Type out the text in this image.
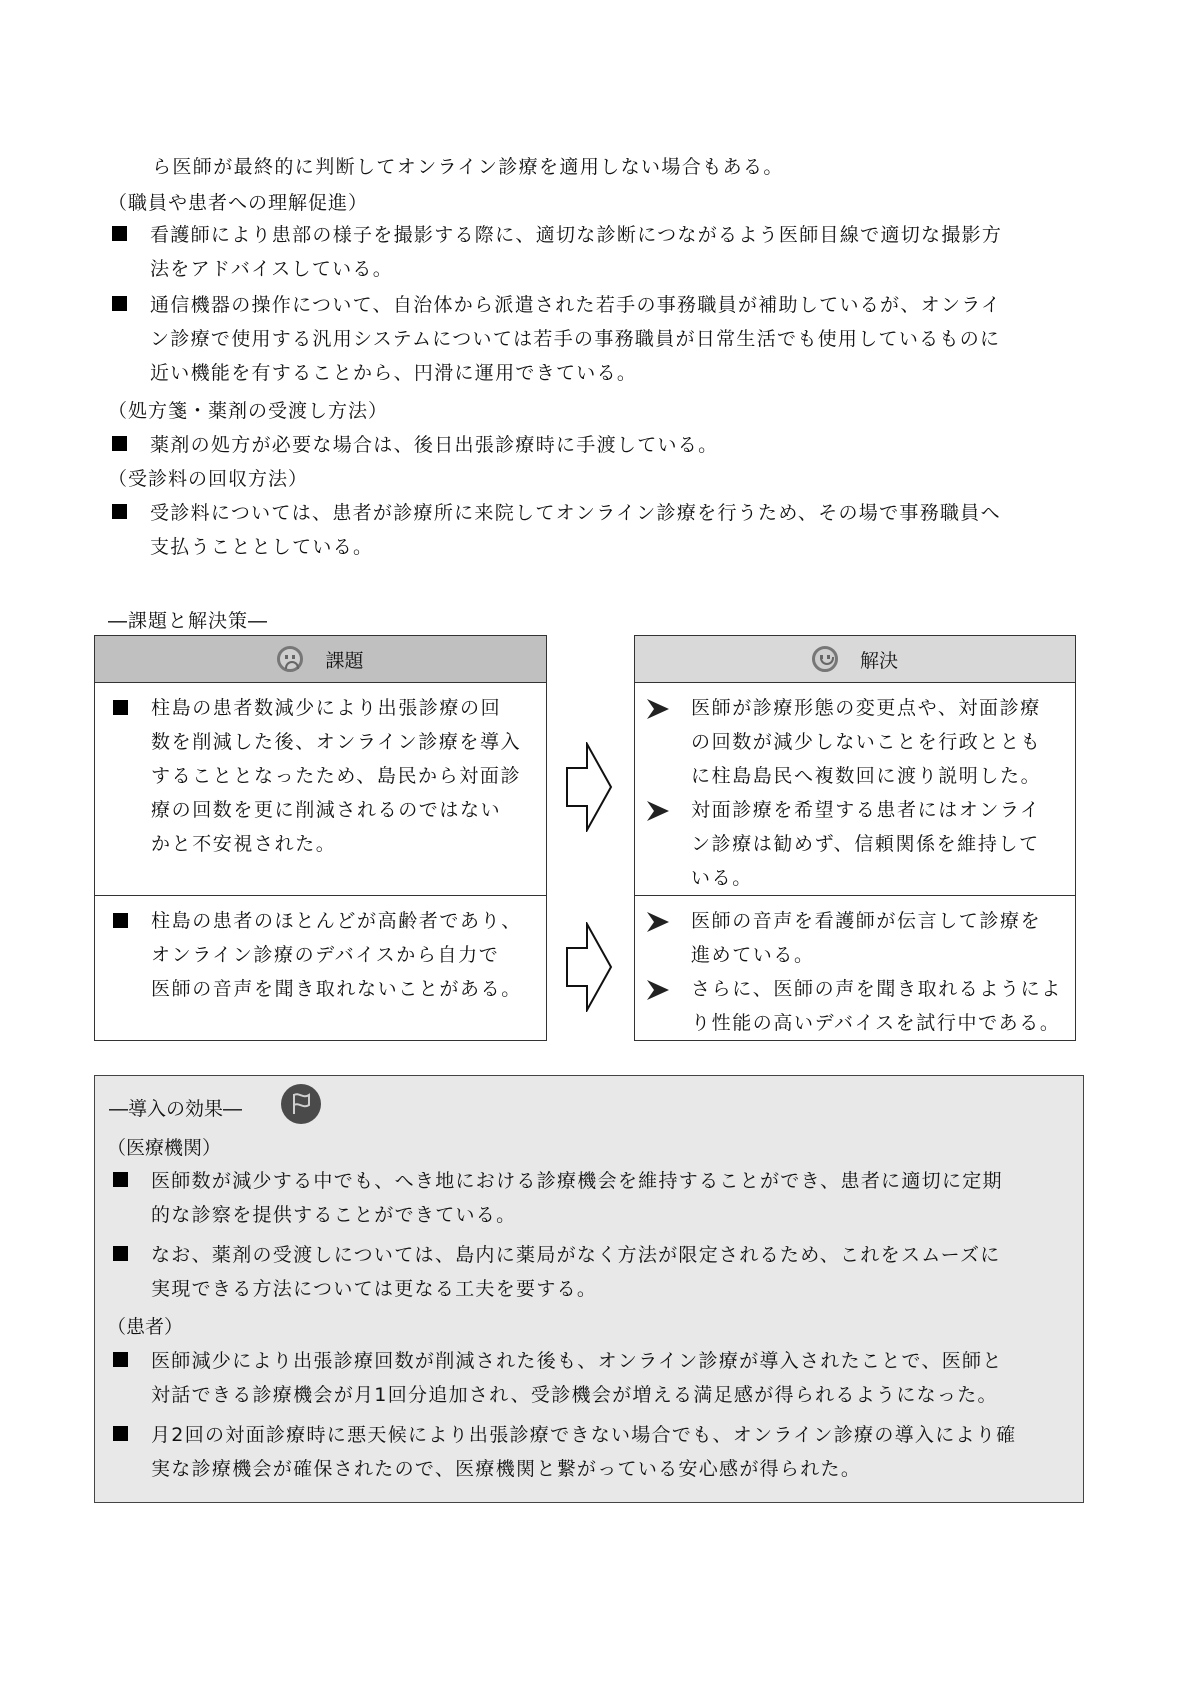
ら医師が最終的に判断してオンライン診療を適用しない場合もある。
（職員や患者への理解促進）
看護師により患部の様子を撮影する際に、適切な診断につながるよう医師目線で適切な撮影方
法をアドバイスしている。
通信機器の操作について、自治体から派遣された若手の事務職員が補助しているが、オンライ
ン診療で使用する汎用システムについては若手の事務職員が日常生活でも使用しているものに
近い機能を有することから、円滑に運用できている。
（処方箋・薬剤の受渡し方法）
薬剤の処方が必要な場合は、後日出張診療時に手渡している。
（受診料の回収方法）
受診料については、患者が診療所に来院してオンライン診療を行うため、その場で事務職員へ
支払うこととしている。
―課題と解決策―
課題
柱島の患者数減少により出張診療の回
数を削減した後、オンライン診療を導入
することとなったため、島民から対面診
療の回数を更に削減されるのではない
かと不安視された。
柱島の患者のほとんどが高齢者であり、
オンライン診療のデバイスから自力で
医師の音声を聞き取れないことがある。
解決
医師が診療形態の変更点や、対面診療
の回数が減少しないことを行政ととも
に柱島島民へ複数回に渡り説明した。
対面診療を希望する患者にはオンライ
ン診療は勧めず、信頼関係を維持して
いる。
医師の音声を看護師が伝言して診療を
進めている。
さらに、医師の声を聞き取れるようによ
り性能の高いデバイスを試行中である。
―導入の効果―
（医療機関）
医師数が減少する中でも、へき地における診療機会を維持することができ、患者に適切に定期
的な診察を提供することができている。
なお、薬剤の受渡しについては、島内に薬局がなく方法が限定されるため、これをスムーズに
実現できる方法については更なる工夫を要する。
（患者）
医師減少により出張診療回数が削減された後も、オンライン診療が導入されたことで、医師と
対話できる診療機会が月1回分追加され、受診機会が増える満足感が得られるようになった。
月2回の対面診療時に悪天候により出張診療できない場合でも、オンライン診療の導入により確
実な診療機会が確保されたので、医療機関と繋がっている安心感が得られた。
